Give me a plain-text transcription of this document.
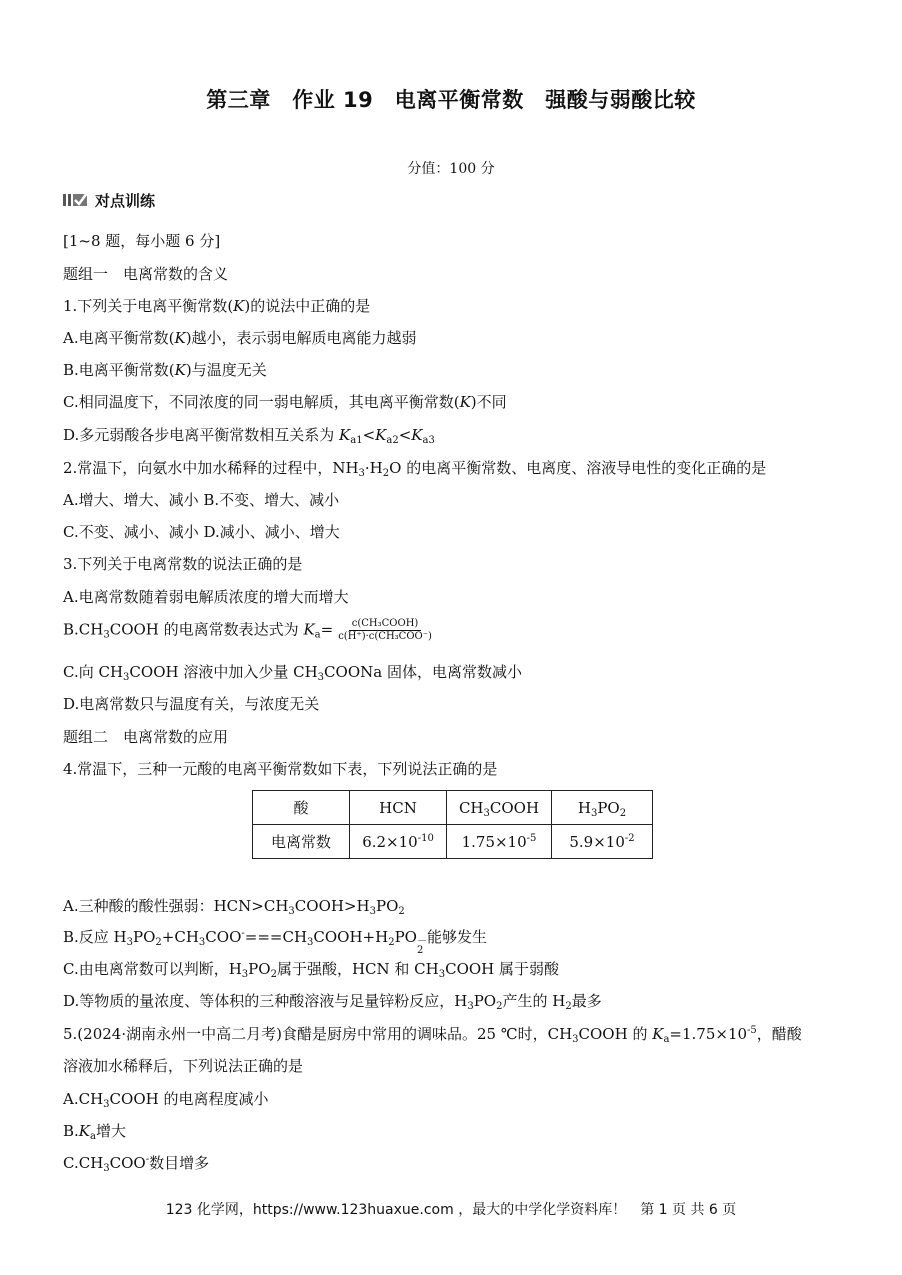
第三章　作业 19　电离平衡常数　强酸与弱酸比较
分值：100 分
对点训练
[1~8 题，每小题 6 分]
题组一　电离常数的含义
1.下列关于电离平衡常数(K)的说法中正确的是
A.电离平衡常数(K)越小，表示弱电解质电离能力越弱
B.电离平衡常数(K)与温度无关
C.相同温度下，不同浓度的同一弱电解质，其电离平衡常数(K)不同
D.多元弱酸各步电离平衡常数相互关系为 $K_{a1}<K_{a2}<K_{a3}$
2.常温下，向氨水中加水稀释的过程中，$NH_3\cdot H_2O$ 的电离平衡常数、电离度、溶液导电性的变化正确的是
A.增大、增大、减小 B.不变、增大、减小
C.不变、减小、减小 D.减小、减小、增大
3.下列关于电离常数的说法正确的是
A.电离常数随着弱电解质浓度的增大而增大
$B.CH_3COOH$ 的电离常数表达式为 $K_a= \frac{\text{c(CH₃COOH)}}{\text{c(H⁺)·c(CH₃COO⁻)}}$
C.向 $CH_3COOH$ 溶液中加入少量 $CH_3COONa$ 固体，电离常数减小
D.电离常数只与温度有关，与浓度无关
题组二　电离常数的应用
4.常温下，三种一元酸的电离平衡常数如下表，下列说法正确的是
酸	HCN	$CH_3COOH$	$H_3PO_2$
电离常数	$6.2\times 10^{-10}$	$1.75\times 10^{-5}$	$5.9\times 10^{-2}$
A.三种酸的酸性强弱：$HCN>CH_3COOH>H_3PO_2$
B.反应 $H_3PO_2+CH_3COO^-===CH_3COOH+H_2PO$ －
2
能够发生
C.由电离常数可以判断，$H_3PO_2$属于强酸，HCN 和 $CH_3COOH$ 属于弱酸
D.等物质的量浓度、等体积的三种酸溶液与足量锌粉反应，$H_3PO_2$产生的 $H_2$最多
5.(2024·湖南永州一中高二月考)食醋是厨房中常用的调味品。25 ℃时，$CH_3COOH$ 的 $K_a=1.75\times 10^{-5}$，醋酸
溶液加水稀释后，下列说法正确的是
$A.CH_3COOH$ 的电离程度减小
$B.K_a$增大
$C.CH_3COO^-$数目增多
123 化学网，https://www.123huaxue.com ，最大的中学化学资料库！　第 1 页 共 6 页
